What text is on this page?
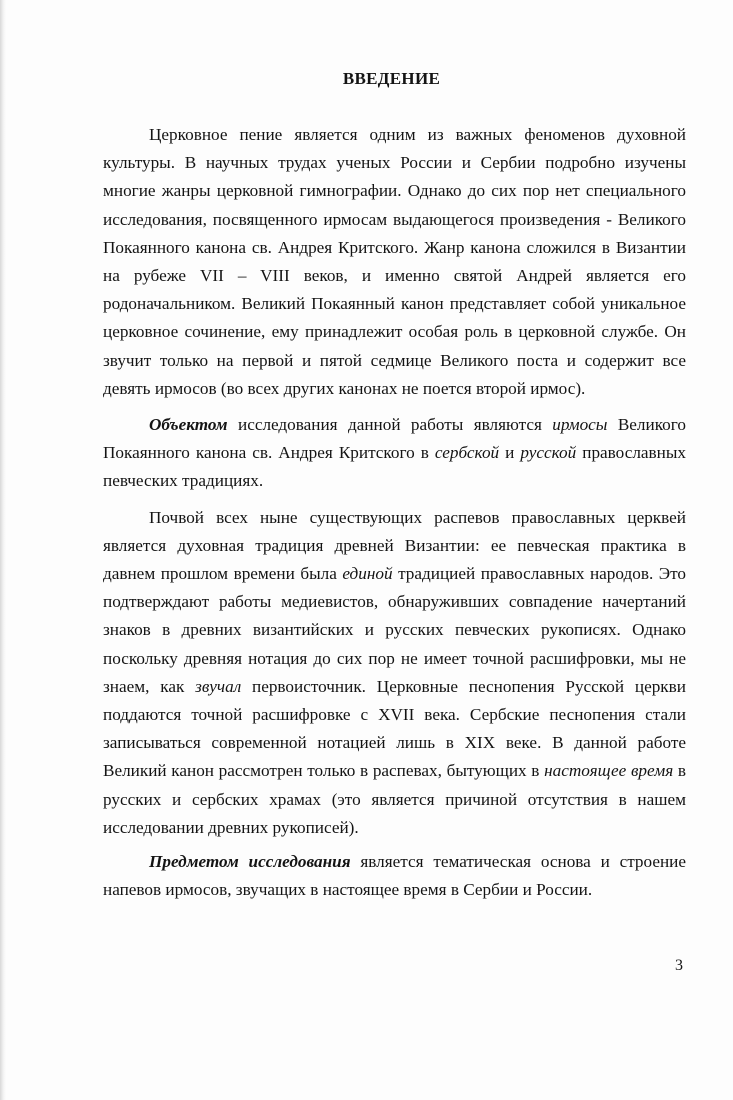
ВВЕДЕНИЕ

Церковное пение является одним из важных феноменов духовной культуры. В научных трудах ученых России и Сербии подробно изучены многие жанры церковной гимнографии. Однако до сих пор нет специального исследования, посвященного ирмосам выдающегося произведения - Великого Покаянного канона св. Андрея Критского. Жанр канона сложился в Византии на рубеже VII – VIII веков, и именно святой Андрей является его родоначальником. Великий Покаянный канон представляет собой уникальное церковное сочинение, ему принадлежит особая роль в церковной службе. Он звучит только на первой и пятой седмице Великого поста и содержит все девять ирмосов (во всех других канонах не поется второй ирмос).

Объектом исследования данной работы являются ирмосы Великого Покаянного канона св. Андрея Критского в сербской и русской православных певческих традициях.

Почвой всех ныне существующих распевов православных церквей является духовная традиция древней Византии: ее певческая практика в давнем прошлом времени была единой традицией православных народов. Это подтверждают работы медиевистов, обнаруживших совпадение начертаний знаков в древних византийских и русских певческих рукописях. Однако поскольку древняя нотация до сих пор не имеет точной расшифровки, мы не знаем, как звучал первоисточник. Церковные песнопения Русской церкви поддаются точной расшифровке с XVII века. Сербские песнопения стали записываться современной нотацией лишь в XIX веке. В данной работе Великий канон рассмотрен только в распевах, бытующих в настоящее время в русских и сербских храмах (это является причиной отсутствия в нашем исследовании древних рукописей).

Предметом исследования является тематическая основа и строение напевов ирмосов, звучащих в настоящее время в Сербии и России.

3
